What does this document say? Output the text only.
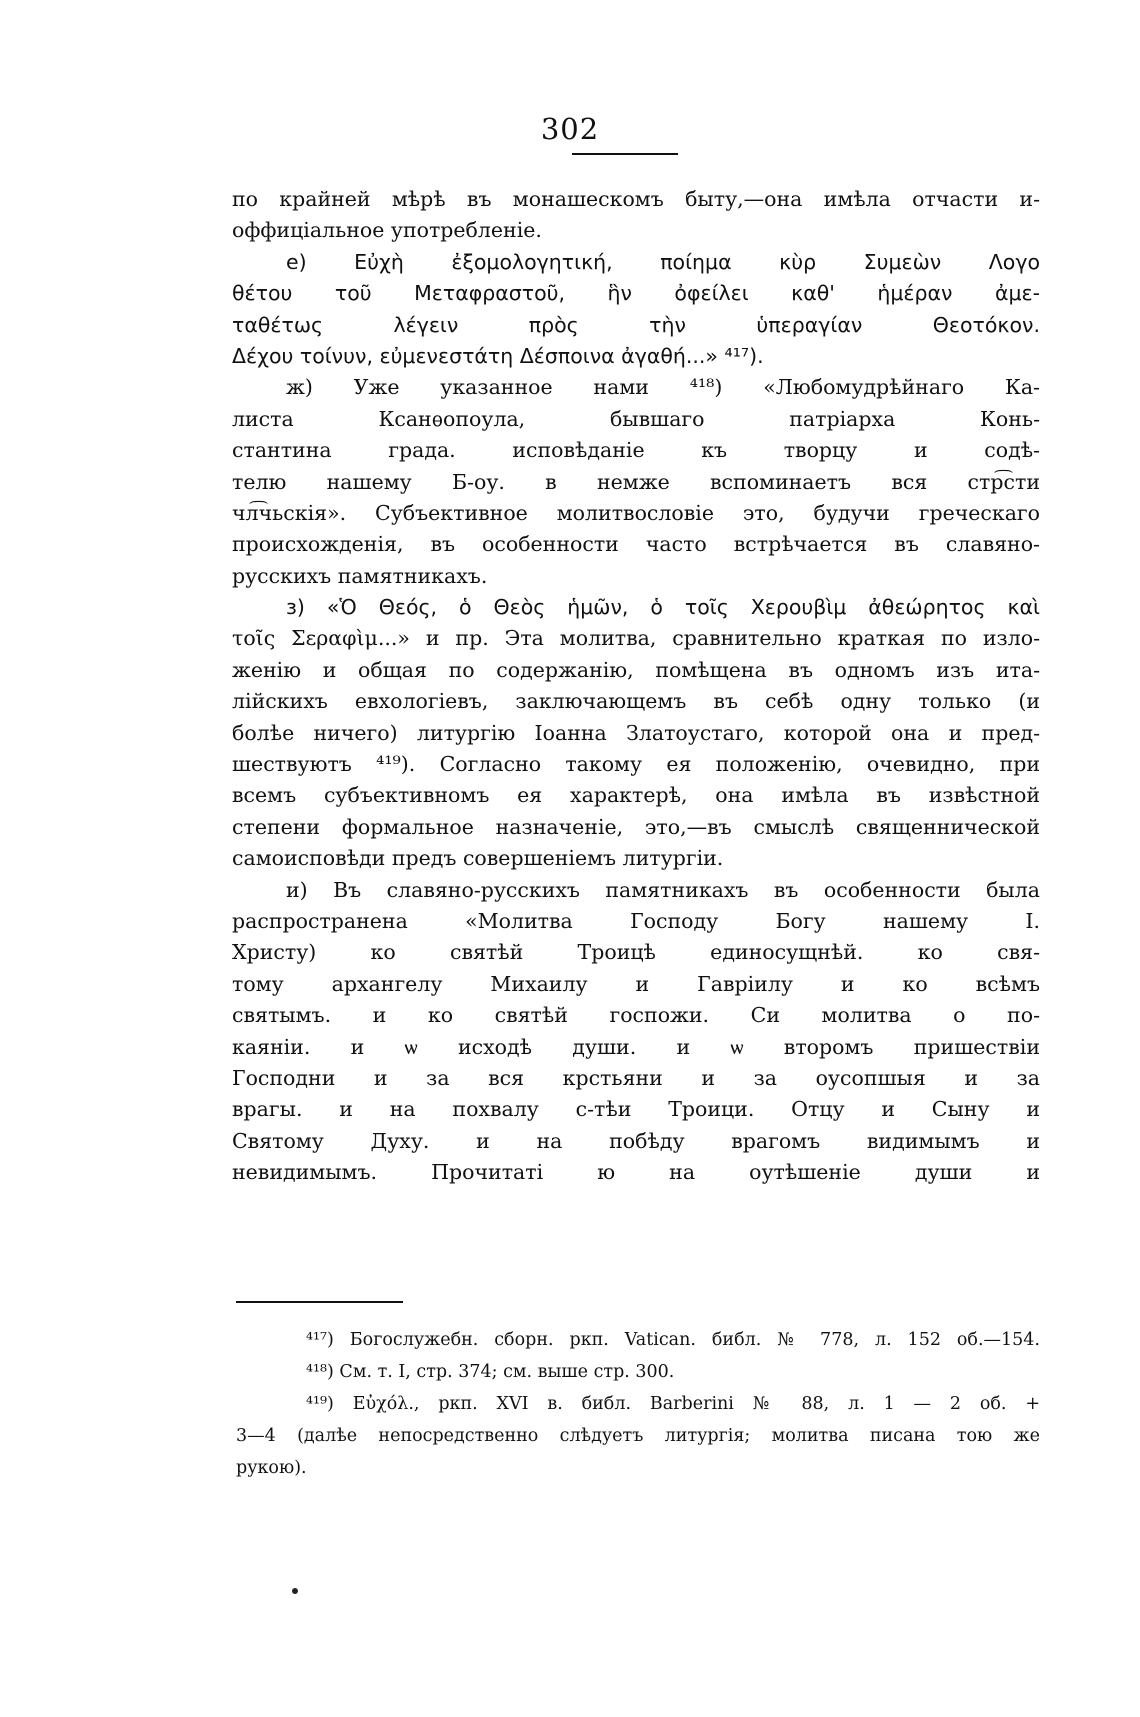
302
по крайней мѣрѣ въ монашескомъ быту,—она имѣла отчасти и-
оффиціальное употребленіе.
е) Εὐχὴ ἐξομολογητική, ποίημα κὺρ Συμεὼν Λογο
θέτου τοῦ Μεταφραστοῦ, ἣν ὀφείλει καθ' ἡμέραν ἀμε-
ταθέτως λέγειν πρὸς τὴν ὑπεραγίαν Θεοτόκον.
Δέχου τοίνυν, εὐμενεστάτη Δέσποινα ἀγαθή...» ⁴¹⁷).
ж) Уже указанное нами ⁴¹⁸) «Любомудрѣйнаго Ка-
листа Ксанѳопоула, бывшаго патріарха Конь-
стантина града. исповѣданіе къ творцу и содѣ-
телю нашему Б-оу. в немже вспоминаетъ вся стр͡сти
чл͡чьскія». Субъективное молитвословіе это, будучи греческаго
происхожденія, въ особенности часто встрѣчается въ славяно-
русскихъ памятникахъ.
з) «Ὁ Θεός, ὁ Θεὸς ἡμῶν, ὁ τοῖς Χερουβὶμ ἀθεώρητος καὶ
τοῖς Σεραφὶμ...» и пр. Эта молитва, сравнительно краткая по изло-
женію и общая по содержанію, помѣщена въ одномъ изъ ита-
лійскихъ евхологіевъ, заключающемъ въ себѣ одну только (и
болѣе ничего) литургію Іоанна Златоустаго, которой она и пред-
шествуютъ ⁴¹⁹). Согласно такому ея положенію, очевидно, при
всемъ субъективномъ ея характерѣ, она имѣла въ извѣстной
степени формальное назначеніе, это,—въ смыслѣ священнической
самоисповѣди предъ совершеніемъ литургіи.
и) Въ славяно-русскихъ памятникахъ въ особенности была
распространена «Молитва Господу Богу нашему І.
Христу) ко святѣй Троицѣ единосущнѣй. ко свя-
тому архангелу Михаилу и Гавріилу и ко всѣмъ
святымъ. и ко святѣй госпожи. Си молитва о по-
каяніи. и ѡ исходѣ души. и ѡ второмъ пришествіи
Господни и за вся крстьяни и за оусопшыя и за
врагы. и на похвалу с-тѣи Троици. Отцу и Сыну и
Святому Духу. и на побѣду врагомъ видимымъ и
невидимымъ. Прочитаті ю на оутѣшеніе души и
⁴¹⁷) Богослужебн. сборн. ркп. Vatican. библ. № 778, л. 152 об.—154.
⁴¹⁸) См. т. I, стр. 374; см. выше стр. 300.
⁴¹⁹) Εὐχόλ., ркп. XVI в. библ. Barberini № 88, л. 1 — 2 об. +
3—4 (далѣе непосредственно слѣдуетъ литургія; молитва писана тою же
рукою).
